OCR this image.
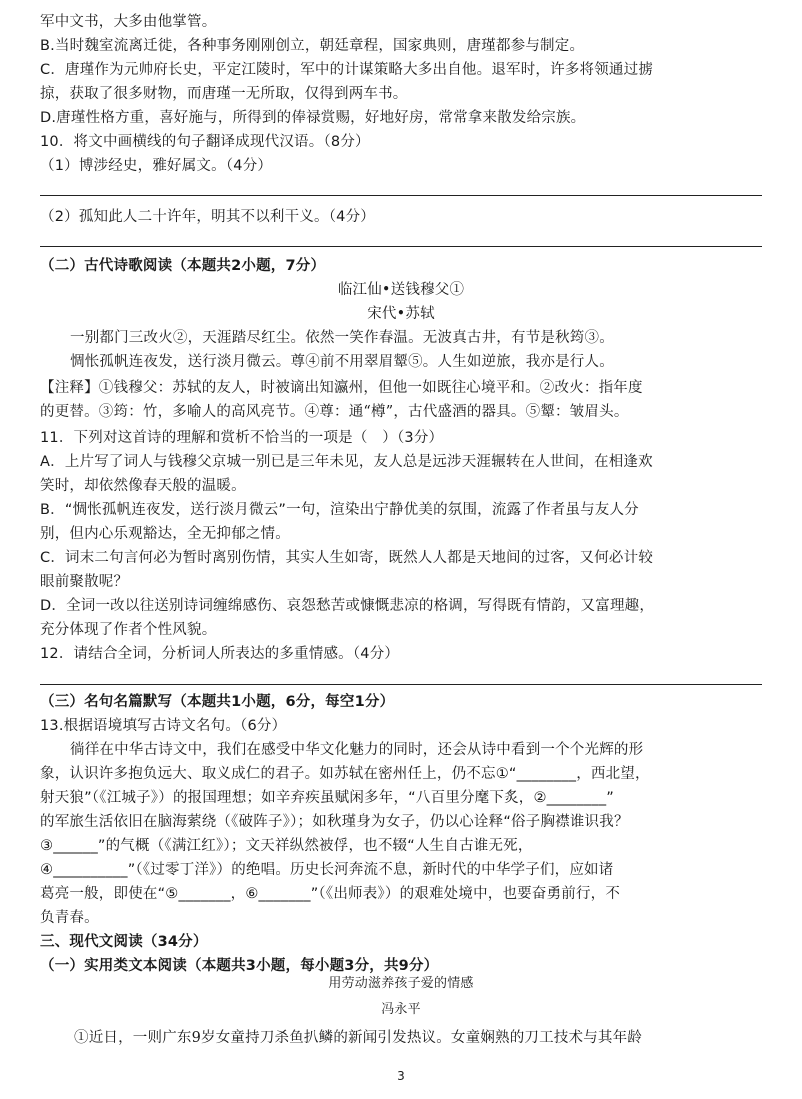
军中文书，大多由他掌管。
B.当时魏室流离迁徙，各种事务刚刚创立，朝廷章程，国家典则，唐瑾都参与制定。
C．唐瑾作为元帅府长史，平定江陵时，军中的计谋策略大多出自他。退军时，许多将领通过掳
掠，获取了很多财物，而唐瑾一无所取，仅得到两车书。
D.唐瑾性格方重，喜好施与，所得到的俸禄赏赐，好地好房，常常拿来散发给宗族。
10．将文中画横线的句子翻译成现代汉语。（8分）
（1）博涉经史，雅好属文。（4分）
（2）孤知此人二十许年，明其不以利干义。（4分）
（二）古代诗歌阅读（本题共2小题，7分）
临江仙•送钱穆父①
宋代•苏轼
一别都门三改火②，天涯踏尽红尘。依然一笑作春温。无波真古井，有节是秋筠③。
惆怅孤帆连夜发，送行淡月微云。尊④前不用翠眉颦⑤。人生如逆旅，我亦是行人。
【注释】①钱穆父：苏轼的友人，时被谪出知瀛州，但他一如既往心境平和。②改火：指年度
的更替。③筠：竹，多喻人的高风亮节。④尊：通“樽”，古代盛酒的器具。⑤颦：皱眉头。
11．下列对这首诗的理解和赏析不恰当的一项是（　）（3分）
A．上片写了词人与钱穆父京城一别已是三年未见，友人总是远涉天涯辗转在人世间，在相逢欢
笑时，却依然像春天般的温暖。
B．“惆怅孤帆连夜发，送行淡月微云”一句，渲染出宁静优美的氛围，流露了作者虽与友人分
别，但内心乐观豁达，全无抑郁之情。
C．词末二句言何必为暂时离别伤情，其实人生如寄，既然人人都是天地间的过客，又何必计较
眼前聚散呢？
D．全词一改以往送别诗词缠绵感伤、哀怨愁苦或慷慨悲凉的格调，写得既有情韵，又富理趣，
充分体现了作者个性风貌。
12．请结合全词，分析词人所表达的多重情感。（4分）
（三）名句名篇默写（本题共1小题，6分，每空1分）
13.根据语境填写古诗文名句。（6分）
徜徉在中华古诗文中，我们在感受中华文化魅力的同时，还会从诗中看到一个个光辉的形
象，认识许多抱负远大、取义成仁的君子。如苏轼在密州任上，仍不忘①“________，西北望，
射天狼”（《江城子》）的报国理想；如辛弃疾虽赋闲多年，“八百里分麾下炙，②________”
的军旅生活依旧在脑海萦绕（《破阵子》）；如秋瑾身为女子，仍以心诠释“俗子胸襟谁识我？
③______”的气概（《满江红》）；文天祥纵然被俘，也不辍“人生自古谁无死，
④__________”（《过零丁洋》）的绝唱。历史长河奔流不息，新时代的中华学子们，应如诸
葛亮一般，即使在“⑤_______，⑥_______”（《出师表》）的艰难处境中，也要奋勇前行，不
负青春。
三、现代文阅读（34分）
（一）实用类文本阅读（本题共3小题，每小题3分，共9分）
用劳动滋养孩子爱的情感
冯永平
①近日，一则广东9岁女童持刀杀鱼扒鳞的新闻引发热议。女童娴熟的刀工技术与其年龄
3
